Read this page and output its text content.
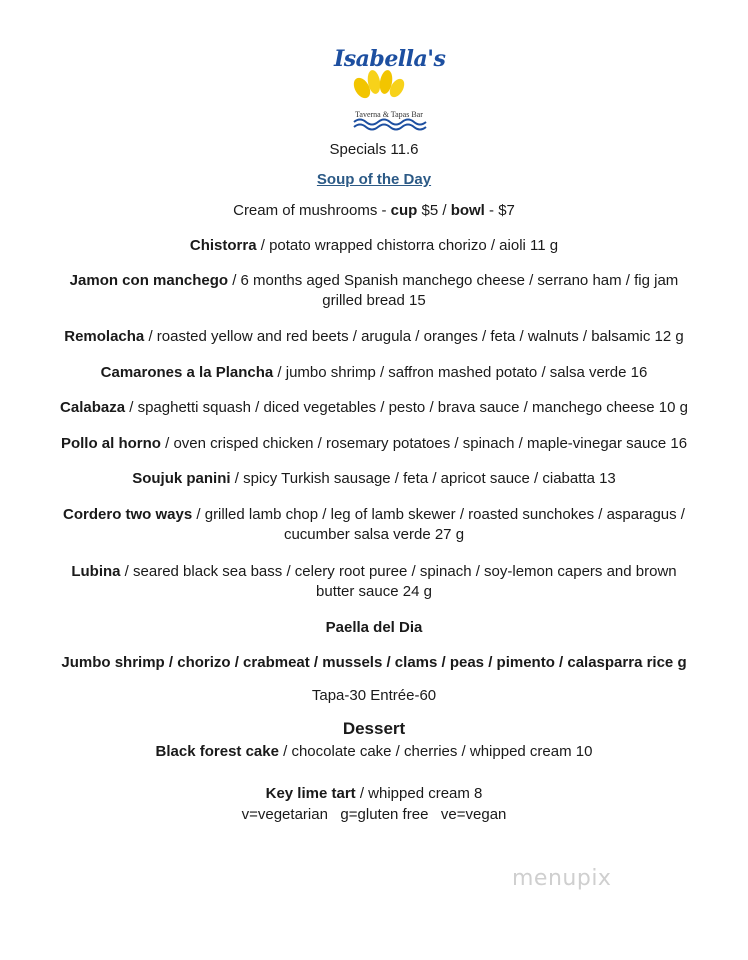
Isabella's
Taverna & Tapas Bar
Specials 11.6
Soup of the Day
Cream of mushrooms - cup $5 / bowl - $7
Chistorra / potato wrapped chistorra chorizo / aioli 11 g
Jamon con manchego / 6 months aged Spanish manchego cheese / serrano ham / fig jam grilled bread 15
Remolacha / roasted yellow and red beets / arugula / oranges / feta / walnuts / balsamic 12 g
Camarones a la Plancha / jumbo shrimp / saffron mashed potato / salsa verde 16
Calabaza / spaghetti squash / diced vegetables / pesto / brava sauce / manchego cheese 10 g
Pollo al horno / oven crisped chicken / rosemary potatoes / spinach / maple-vinegar sauce 16
Soujuk panini / spicy Turkish sausage / feta / apricot sauce / ciabatta 13
Cordero two ways / grilled lamb chop / leg of lamb skewer / roasted sunchokes / asparagus / cucumber salsa verde 27 g
Lubina / seared black sea bass / celery root puree / spinach / soy-lemon capers and brown butter sauce 24 g
Paella del Dia
Jumbo shrimp / chorizo / crabmeat / mussels / clams / peas / pimento / calasparra rice g
Tapa-30 Entrée-60
Dessert
Black forest cake / chocolate cake / cherries / whipped cream 10
Key lime tart / whipped cream 8
v=vegetarian   g=gluten free   ve=vegan
menupix
